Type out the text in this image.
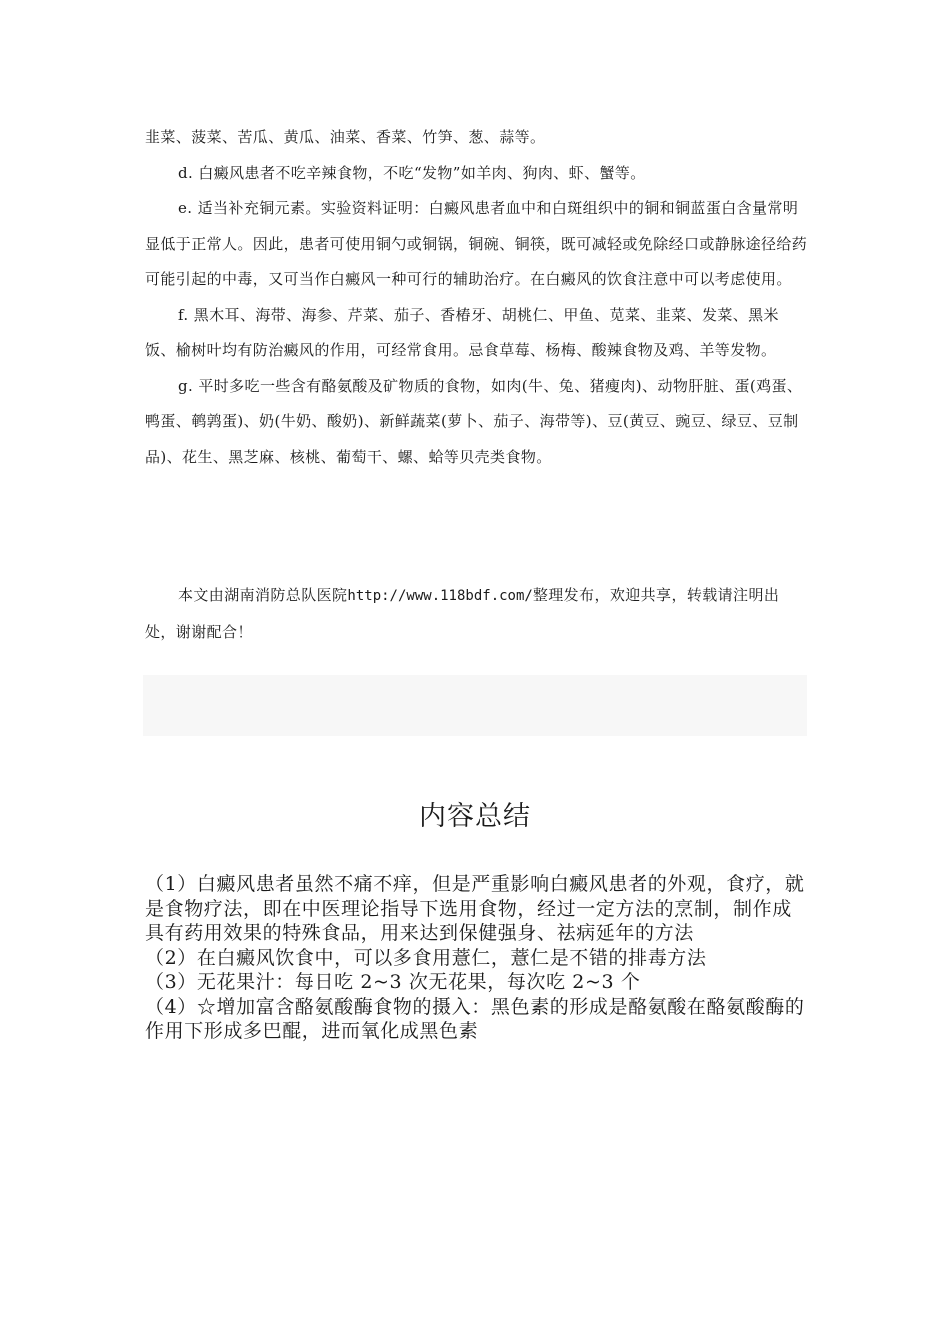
韭菜、菠菜、苦瓜、黄瓜、油菜、香菜、竹笋、葱、蒜等。

d. 白癜风患者不吃辛辣食物，不吃“发物”如羊肉、狗肉、虾、蟹等。

e. 适当补充铜元素。实验资料证明：白癜风患者血中和白斑组织中的铜和铜蓝蛋白含量常明显低于正常人。因此，患者可使用铜勺或铜锅，铜碗、铜筷，既可减轻或免除经口或静脉途径给药可能引起的中毒，又可当作白癜风一种可行的辅助治疗。在白癜风的饮食注意中可以考虑使用。

f. 黑木耳、海带、海参、芹菜、茄子、香椿牙、胡桃仁、甲鱼、苋菜、韭菜、发菜、黑米饭、榆树叶均有防治癜风的作用，可经常食用。忌食草莓、杨梅、酸辣食物及鸡、羊等发物。

g. 平时多吃一些含有酪氨酸及矿物质的食物，如肉(牛、兔、猪瘦肉)、动物肝脏、蛋(鸡蛋、鸭蛋、鹌鹑蛋)、奶(牛奶、酸奶)、新鲜蔬菜(萝卜、茄子、海带等)、豆(黄豆、豌豆、绿豆、豆制品)、花生、黑芝麻、核桃、葡萄干、螺、蛤等贝壳类食物。

本文由湖南消防总队医院http://www.118bdf.com/整理发布，欢迎共享，转载请注明出处，谢谢配合！

内容总结

（1）白癜风患者虽然不痛不痒，但是严重影响白癜风患者的外观，食疗，就是食物疗法，即在中医理论指导下选用食物，经过一定方法的烹制，制作成具有药用效果的特殊食品，用来达到保健强身、祛病延年的方法

（2）在白癜风饮食中，可以多食用薏仁，薏仁是不错的排毒方法

（3）无花果汁：每日吃 2~3 次无花果，每次吃 2~3 个

（4）☆增加富含酪氨酸酶食物的摄入：黑色素的形成是酪氨酸在酪氨酸酶的作用下形成多巴醌，进而氧化成黑色素
